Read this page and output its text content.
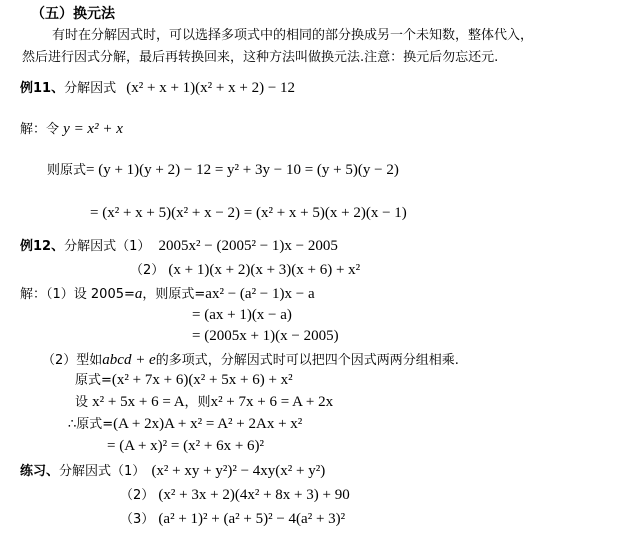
（五）换元法
有时在分解因式时，可以选择多项式中的相同的部分换成另一个未知数，整体代入，
然后进行因式分解，最后再转换回来，这种方法叫做换元法.注意：换元后勿忘还元.
例11、分解因式 (x² + x + 1)(x² + x + 2) − 12
解：令 y = x² + x
则原式= (y + 1)(y + 2) − 12 = y² + 3y − 10 = (y + 5)(y − 2)
= (x² + x + 5)(x² + x − 2) = (x² + x + 5)(x + 2)(x − 1)
例12、分解因式（1） 2005x² − (2005² − 1)x − 2005
（2） (x + 1)(x + 2)(x + 3)(x + 6) + x²
解：（1）设 2005=a，则原式=ax² − (a² − 1)x − a
= (ax + 1)(x − a)
= (2005x + 1)(x − 2005)
（2）型如abcd + e的多项式，分解因式时可以把四个因式两两分组相乘.
原式=(x² + 7x + 6)(x² + 5x + 6) + x²
设 x² + 5x + 6 = A，则x² + 7x + 6 = A + 2x
∴原式=(A + 2x)A + x² = A² + 2Ax + x²
= (A + x)² = (x² + 6x + 6)²
练习、分解因式（1） (x² + xy + y²)² − 4xy(x² + y²)
（2） (x² + 3x + 2)(4x² + 8x + 3) + 90
（3） (a² + 1)² + (a² + 5)² − 4(a² + 3)²
